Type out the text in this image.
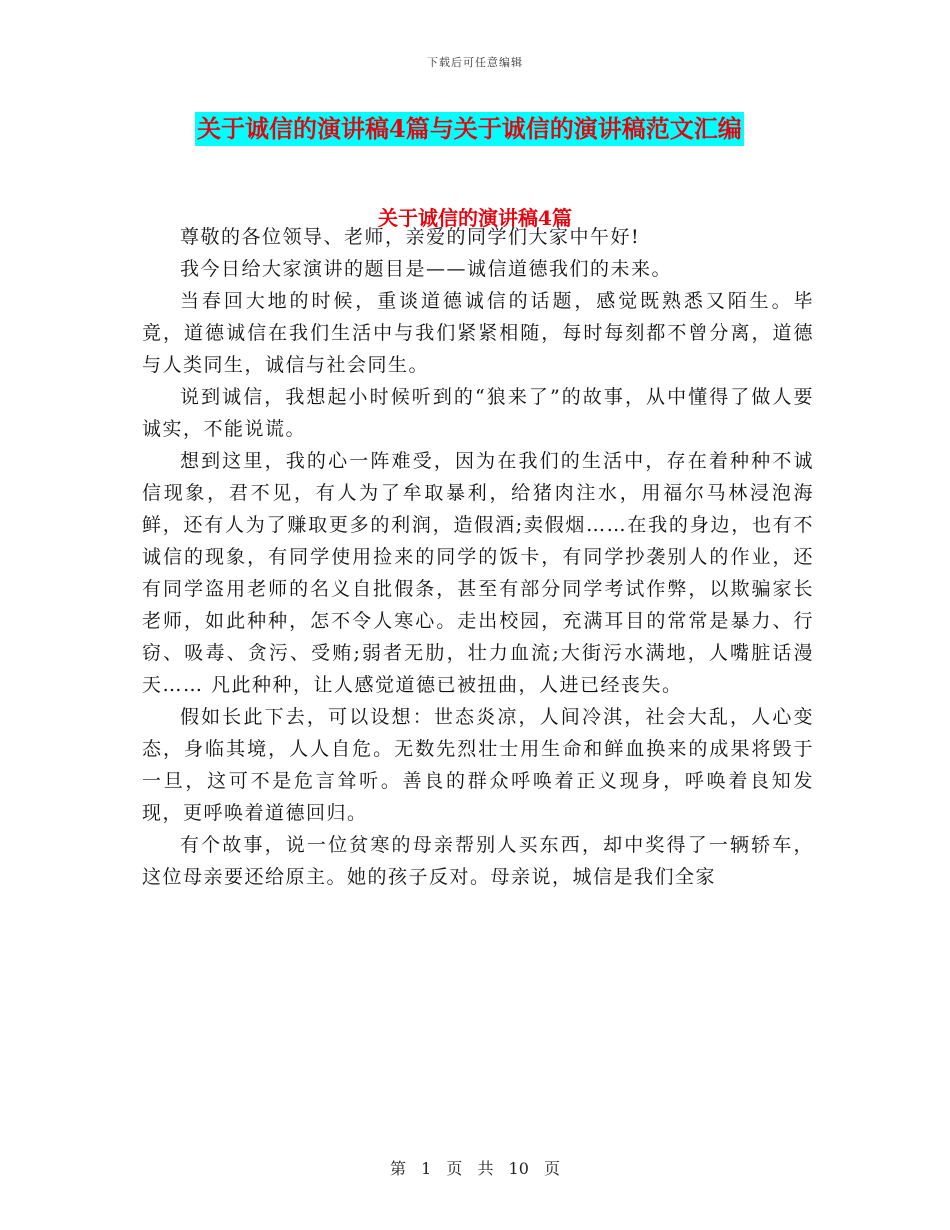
下载后可任意编辑
关于诚信的演讲稿4篇与关于诚信的演讲稿范文汇编
关于诚信的演讲稿4篇

尊敬的各位领导、老师，亲爱的同学们大家中午好!

我今日给大家演讲的题目是——诚信道德我们的未来。

当春回大地的时候，重谈道德诚信的话题，感觉既熟悉又陌生。毕竟，道德诚信在我们生活中与我们紧紧相随，每时每刻都不曾分离，道德与人类同生，诚信与社会同生。

说到诚信，我想起小时候听到的“狼来了”的故事，从中懂得了做人要诚实，不能说谎。

想到这里，我的心一阵难受，因为在我们的生活中，存在着种种不诚信现象，君不见，有人为了牟取暴利，给猪肉注水，用福尔马林浸泡海鲜，还有人为了赚取更多的利润，造假酒;卖假烟……在我的身边，也有不诚信的现象，有同学使用捡来的同学的饭卡，有同学抄袭别人的作业，还有同学盗用老师的名义自批假条，甚至有部分同学考试作弊，以欺骗家长老师，如此种种，怎不令人寒心。走出校园，充满耳目的常常是暴力、行窃、吸毒、贪污、受贿;弱者无肋，壮力血流;大街污水满地，人嘴脏话漫天…… 凡此种种，让人感觉道德已被扭曲，人进已经丧失。

假如长此下去，可以设想：世态炎凉，人间冷淇，社会大乱，人心变态，身临其境，人人自危。无数先烈壮士用生命和鲜血换来的成果将毁于一旦，这可不是危言耸听。善良的群众呼唤着正义现身，呼唤着良知发现，更呼唤着道德回归。

有个故事，说一位贫寒的母亲帮别人买东西，却中奖得了一辆轿车，这位母亲要还给原主。她的孩子反对。母亲说，城信是我们全家

第 1 页 共 10 页
